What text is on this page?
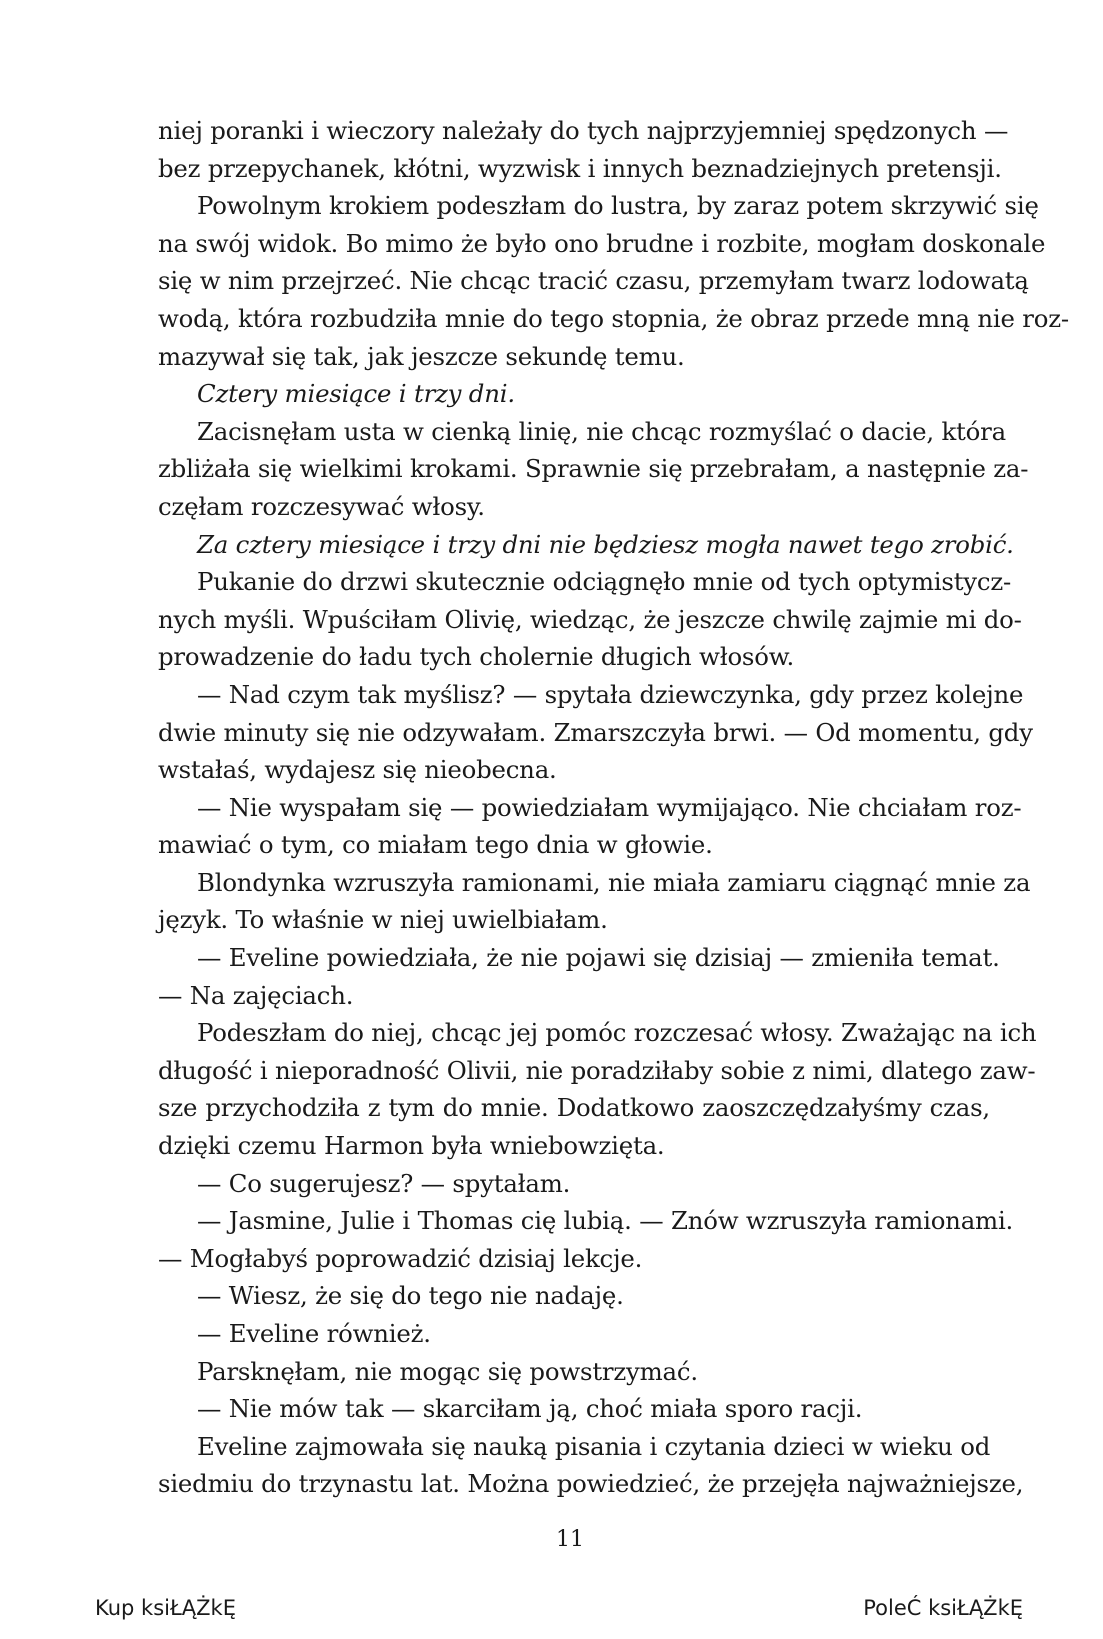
niej poranki i wieczory należały do tych najprzyjemniej spędzonych —
bez przepychanek, kłótni, wyzwisk i innych beznadziejnych pretensji.
Powolnym krokiem podeszłam do lustra, by zaraz potem skrzywić się
na swój widok. Bo mimo że było ono brudne i rozbite, mogłam doskonale
się w nim przejrzeć. Nie chcąc tracić czasu, przemyłam twarz lodowatą
wodą, która rozbudziła mnie do tego stopnia, że obraz przede mną nie roz-
mazywał się tak, jak jeszcze sekundę temu.
Cztery miesiące i trzy dni.
Zacisnęłam usta w cienką linię, nie chcąc rozmyślać o dacie, która
zbliżała się wielkimi krokami. Sprawnie się przebrałam, a następnie za-
częłam rozczesywać włosy.
Za cztery miesiące i trzy dni nie będziesz mogła nawet tego zrobić.
Pukanie do drzwi skutecznie odciągnęło mnie od tych optymistycz-
nych myśli. Wpuściłam Olivię, wiedząc, że jeszcze chwilę zajmie mi do-
prowadzenie do ładu tych cholernie długich włosów.
— Nad czym tak myślisz? — spytała dziewczynka, gdy przez kolejne
dwie minuty się nie odzywałam. Zmarszczyła brwi. — Od momentu, gdy
wstałaś, wydajesz się nieobecna.
— Nie wyspałam się — powiedziałam wymijająco. Nie chciałam roz-
mawiać o tym, co miałam tego dnia w głowie.
Blondynka wzruszyła ramionami, nie miała zamiaru ciągnąć mnie za
język. To właśnie w niej uwielbiałam.
— Eveline powiedziała, że nie pojawi się dzisiaj — zmieniła temat.
— Na zajęciach.
Podeszłam do niej, chcąc jej pomóc rozczesać włosy. Zważając na ich
długość i nieporadność Olivii, nie poradziłaby sobie z nimi, dlatego zaw-
sze przychodziła z tym do mnie. Dodatkowo zaoszczędzałyśmy czas,
dzięki czemu Harmon była wniebowzięta.
— Co sugerujesz? — spytałam.
— Jasmine, Julie i Thomas cię lubią. — Znów wzruszyła ramionami.
— Mogłabyś poprowadzić dzisiaj lekcje.
— Wiesz, że się do tego nie nadaję.
— Eveline również.
Parsknęłam, nie mogąc się powstrzymać.
— Nie mów tak — skarciłam ją, choć miała sporo racji.
Eveline zajmowała się nauką pisania i czytania dzieci w wieku od
siedmiu do trzynastu lat. Można powiedzieć, że przejęła najważniejsze,
11
Kup ksiŁĄŻkĘ	PoleĆ ksiŁĄŻkĘ
